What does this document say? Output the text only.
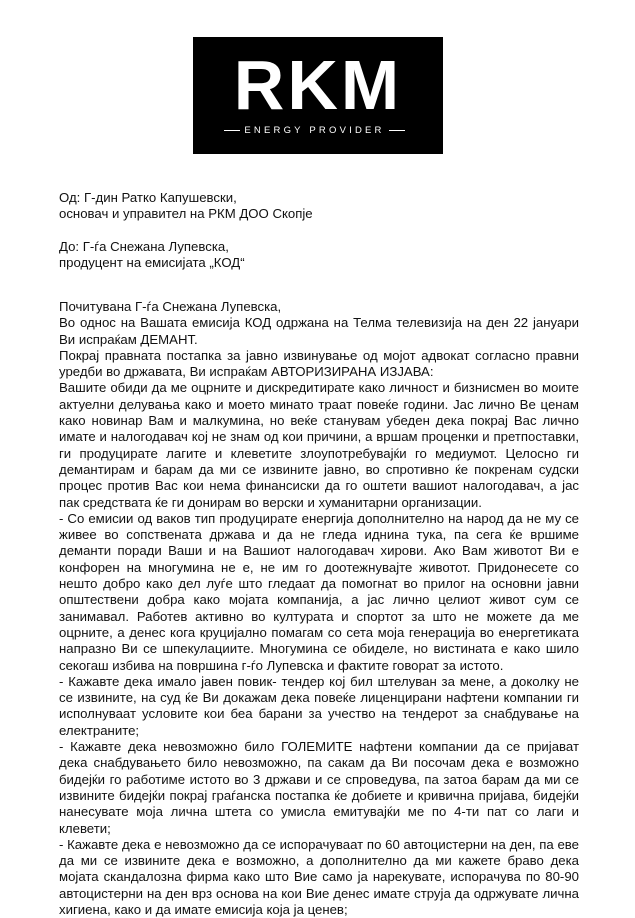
RKM
ENERGY PROVIDER

Од: Г-дин Ратко Капушевски,

основач и управител на РКМ ДОО Скопје

До: Г-ѓа Снежана Лупевска,

продуцент на емисијата „КОД“

Почитувана Г-ѓа Снежана Лупевска,

Во однос на Вашата емисија КОД одржана на Телма телевизија на ден 22 јануари Ви испраќам ДЕМАНТ.

Покрај правната постапка за јавно извинување од мојот адвокат согласно правни уредби во државата, Ви испраќам АВТОРИЗИРАНА ИЗЈАВА:

Вашите обиди да ме оцрните и дискредитирате како личност и бизнисмен во моите актуелни делувања како и моето минато траат повеќе години. Јас лично Ве ценам како новинар Вам и малкумина, но веќе станувам убеден дека покрај Вас лично имате и налогодавач кој не знам од кои причини, а вршам проценки и претпоставки, ги продуцирате лагите и клеветите злоупотребувајќи го медиумот. Целосно ги демантирам и барам да ми се извините јавно, во спротивно ќе покренам судски процес против Вас кои нема финансиски да го оштети вашиот налогодавач, а јас пак средствата ќе ги донирам во верски и хуманитарни организации.

- Со емисии од ваков тип продуцирате енергија дополнително на народ да не му се живее во сопствената држава и да не гледа иднина тука, па сега ќе вршиме деманти поради Ваши и на Вашиот налогодавач хирови. Ако Вам животот Ви е конфорен на многумина не е, не им го доотежнувајте животот. Придонесете со нешто добро како дел луѓе што гледаат да помогнат во прилог на основни јавни општествени добра како мојата компанија, а јас лично целиот живот сум се занимавал. Работев активно во културата и спортот за што не можете да ме оцрните, а денес кога круцијално помагам со сета моја генерација во енергетиката напразно Ви се шпекулациите. Многумина се обиделе, но вистината е како шило секогаш избива на површина г-ѓо Лупевска и фактите говорат за истото.

- Кажавте дека имало јавен повик- тендер кој бил штелуван за мене, а доколку не се извините, на суд ќе Ви докажам дека повеќе лиценцирани нафтени компании ги исполнуваат условите кои беа барани за учество на тендерот за снабдување на електраните;

- Кажавте дека невозможно било ГОЛЕМИТЕ нафтени компании да се пријават дека снабдувањето било невозможно, па сакам да Ви посочам дека е возможно бидејќи го работиме истото во 3 држави и се спроведува, па затоа барам да ми се извините бидејќи покрај граѓанска постапка ќе добиете и кривична пријава, бидејќи нанесувате моја лична штета со умисла емитувајќи ме по 4-ти пат со лаги и клевети;

- Кажавте дека е невозможно да се испорачуваат по 60 автоцистерни на ден, па еве да ми се извините дека е возможно, а дополнително да ми кажете браво дека мојата скандалозна фирма како што Вие само ја нарекувате, испорачува по 80-90 автоцистерни на ден врз основа на кои Вие денес имате струја да одржувате лична хигиена, како и да имате емисија која ја ценев;
